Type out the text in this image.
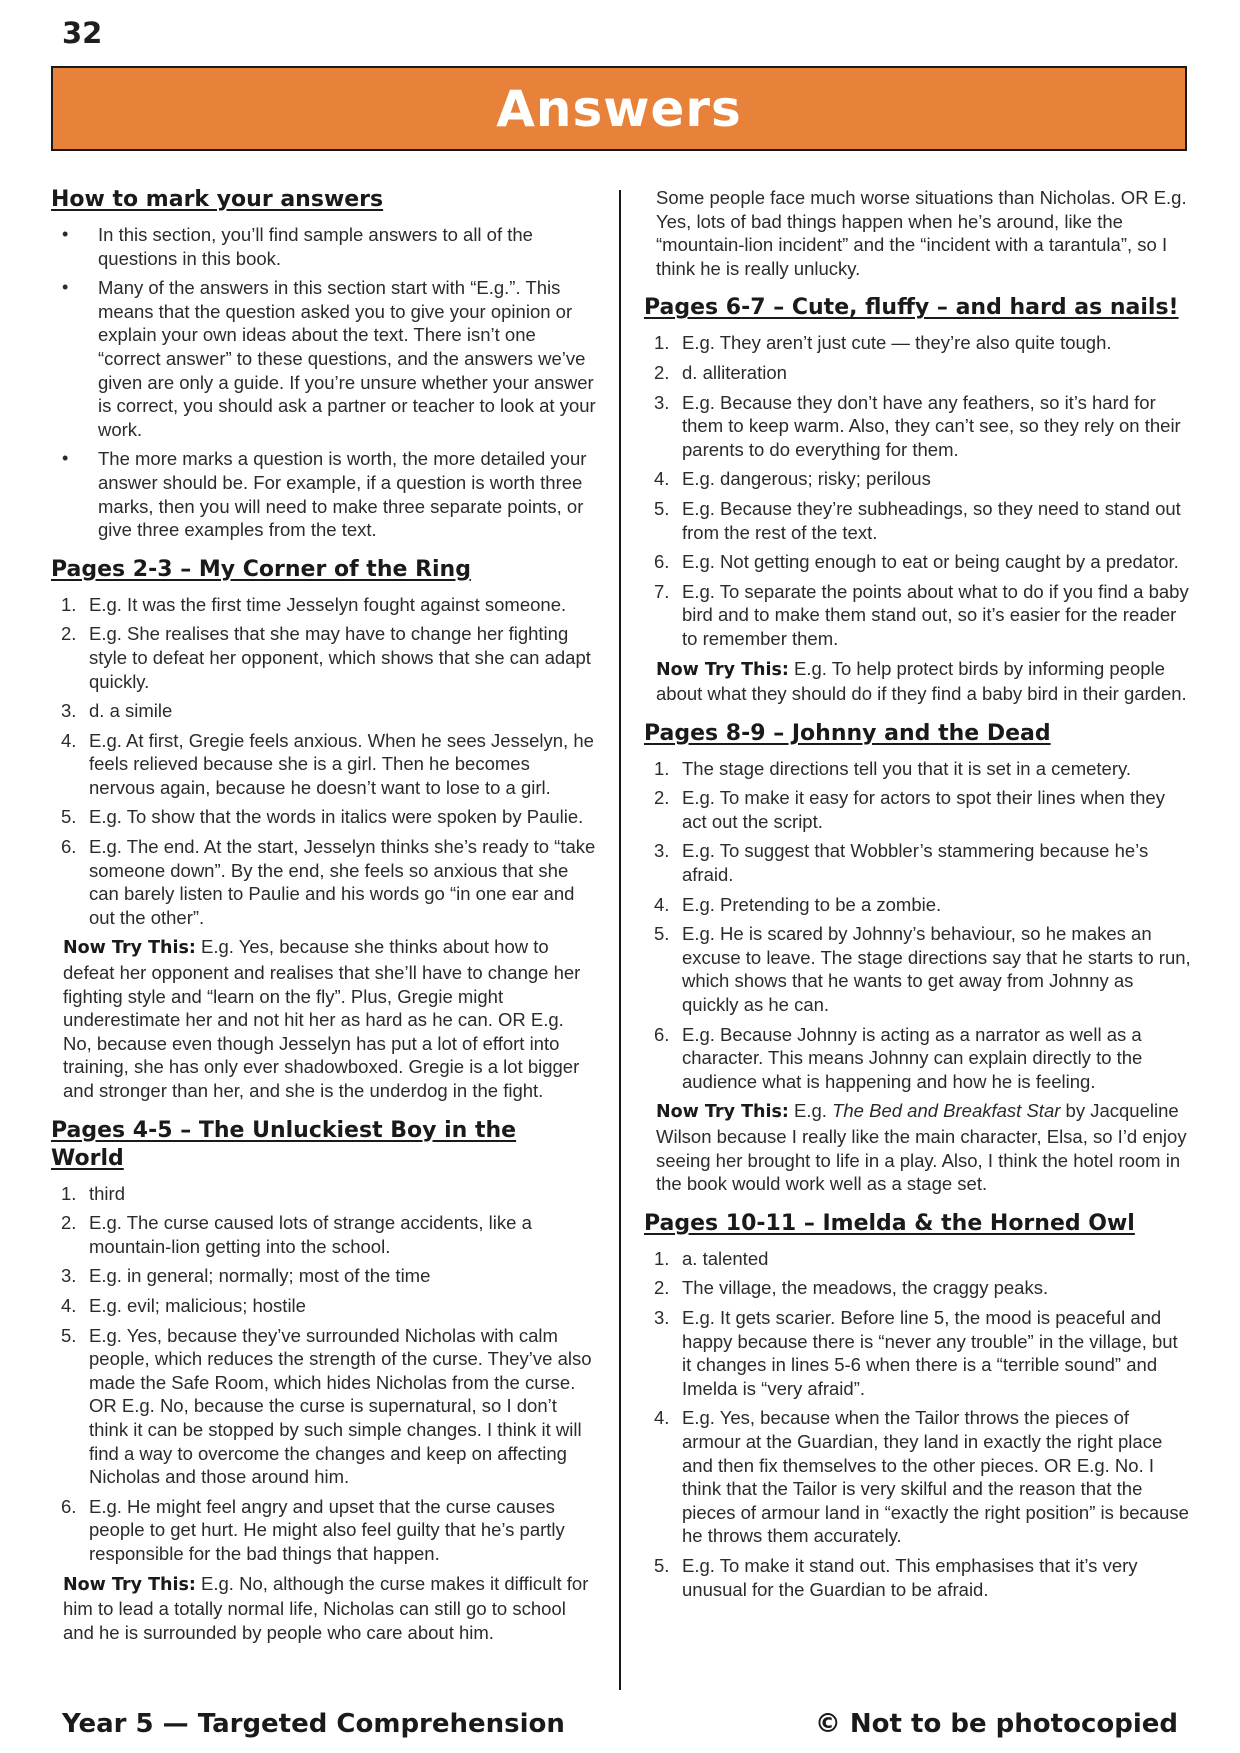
32
Answers
How to mark your answers
• In this section, you’ll find sample answers to all of the questions in this book.
• Many of the answers in this section start with “E.g.”. This means that the question asked you to give your opinion or explain your own ideas about the text. There isn’t one “correct answer” to these questions, and the answers we’ve given are only a guide. If you’re unsure whether your answer is correct, you should ask a partner or teacher to look at your work.
• The more marks a question is worth, the more detailed your answer should be. For example, if a question is worth three marks, then you will need to make three separate points, or give three examples from the text.
Pages 2-3 – My Corner of the Ring
1. E.g. It was the first time Jesselyn fought against someone.
2. E.g. She realises that she may have to change her fighting style to defeat her opponent, which shows that she can adapt quickly.
3. d. a simile
4. E.g. At first, Gregie feels anxious. When he sees Jesselyn, he feels relieved because she is a girl. Then he becomes nervous again, because he doesn’t want to lose to a girl.
5. E.g. To show that the words in italics were spoken by Paulie.
6. E.g. The end. At the start, Jesselyn thinks she’s ready to “take someone down”. By the end, she feels so anxious that she can barely listen to Paulie and his words go “in one ear and out the other”.
Now Try This: E.g. Yes, because she thinks about how to defeat her opponent and realises that she’ll have to change her fighting style and “learn on the fly”. Plus, Gregie might underestimate her and not hit her as hard as he can. OR E.g. No, because even though Jesselyn has put a lot of effort into training, she has only ever shadowboxed. Gregie is a lot bigger and stronger than her, and she is the underdog in the fight.
Pages 4-5 – The Unluckiest Boy in the World
1. third
2. E.g. The curse caused lots of strange accidents, like a mountain-lion getting into the school.
3. E.g. in general; normally; most of the time
4. E.g. evil; malicious; hostile
5. E.g. Yes, because they’ve surrounded Nicholas with calm people, which reduces the strength of the curse. They’ve also made the Safe Room, which hides Nicholas from the curse. OR E.g. No, because the curse is supernatural, so I don’t think it can be stopped by such simple changes. I think it will find a way to overcome the changes and keep on affecting Nicholas and those around him.
6. E.g. He might feel angry and upset that the curse causes people to get hurt. He might also feel guilty that he’s partly responsible for the bad things that happen.
Now Try This: E.g. No, although the curse makes it difficult for him to lead a totally normal life, Nicholas can still go to school and he is surrounded by people who care about him.
Some people face much worse situations than Nicholas. OR E.g. Yes, lots of bad things happen when he’s around, like the “mountain-lion incident” and the “incident with a tarantula”, so I think he is really unlucky.
Pages 6-7 – Cute, fluffy – and hard as nails!
1. E.g. They aren’t just cute — they’re also quite tough.
2. d. alliteration
3. E.g. Because they don’t have any feathers, so it’s hard for them to keep warm. Also, they can’t see, so they rely on their parents to do everything for them.
4. E.g. dangerous; risky; perilous
5. E.g. Because they’re subheadings, so they need to stand out from the rest of the text.
6. E.g. Not getting enough to eat or being caught by a predator.
7. E.g. To separate the points about what to do if you find a baby bird and to make them stand out, so it’s easier for the reader to remember them.
Now Try This: E.g. To help protect birds by informing people about what they should do if they find a baby bird in their garden.
Pages 8-9 – Johnny and the Dead
1. The stage directions tell you that it is set in a cemetery.
2. E.g. To make it easy for actors to spot their lines when they act out the script.
3. E.g. To suggest that Wobbler’s stammering because he’s afraid.
4. E.g. Pretending to be a zombie.
5. E.g. He is scared by Johnny’s behaviour, so he makes an excuse to leave. The stage directions say that he starts to run, which shows that he wants to get away from Johnny as quickly as he can.
6. E.g. Because Johnny is acting as a narrator as well as a character. This means Johnny can explain directly to the audience what is happening and how he is feeling.
Now Try This: E.g. The Bed and Breakfast Star by Jacqueline Wilson because I really like the main character, Elsa, so I’d enjoy seeing her brought to life in a play. Also, I think the hotel room in the book would work well as a stage set.
Pages 10-11 – Imelda & the Horned Owl
1. a. talented
2. The village, the meadows, the craggy peaks.
3. E.g. It gets scarier. Before line 5, the mood is peaceful and happy because there is “never any trouble” in the village, but it changes in lines 5-6 when there is a “terrible sound” and Imelda is “very afraid”.
4. E.g. Yes, because when the Tailor throws the pieces of armour at the Guardian, they land in exactly the right place and then fix themselves to the other pieces. OR E.g. No. I think that the Tailor is very skilful and the reason that the pieces of armour land in “exactly the right position” is because he throws them accurately.
5. E.g. To make it stand out. This emphasises that it’s very unusual for the Guardian to be afraid.
Year 5 — Targeted Comprehension	© Not to be photocopied
